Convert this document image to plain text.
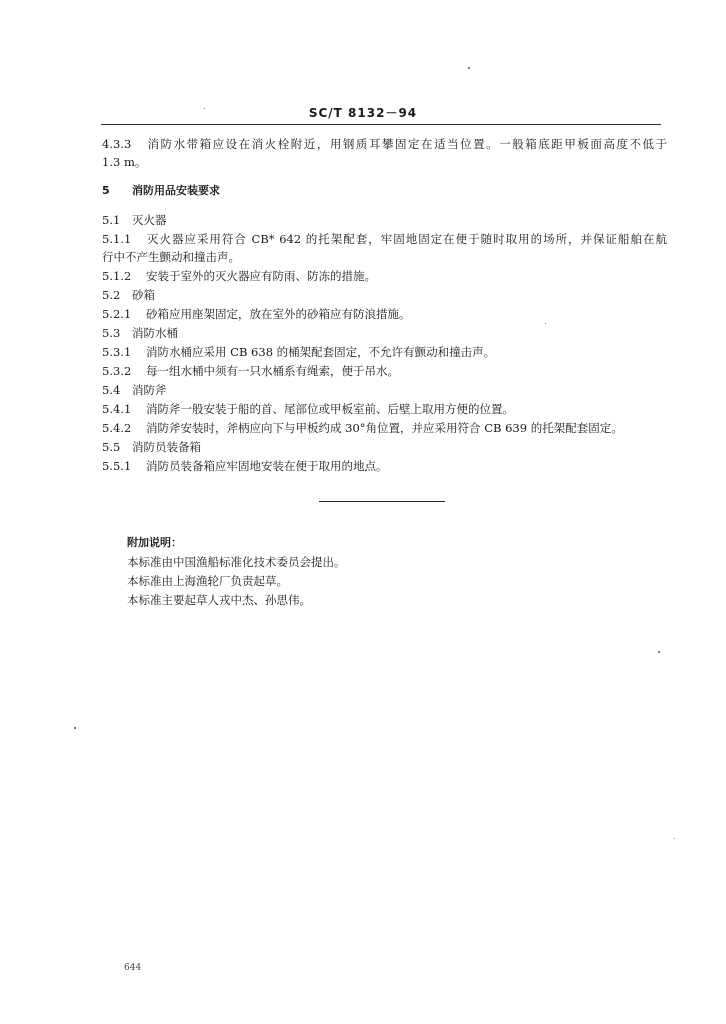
SC/T 8132－94
4.3.3 消防水带箱应设在消火栓附近，用钢质耳攀固定在适当位置。一般箱底距甲板面高度不低于
1.3 m。
5 消防用品安装要求
5.1 灭火器
5.1.1 灭火器应采用符合 CB* 642 的托架配套，牢固地固定在便于随时取用的场所，并保证船舶在航
行中不产生颤动和撞击声。
5.1.2 安装于室外的灭火器应有防雨、防冻的措施。
5.2 砂箱
5.2.1 砂箱应用座架固定，放在室外的砂箱应有防浪措施。
5.3 消防水桶
5.3.1 消防水桶应采用 CB 638 的桶架配套固定，不允许有颤动和撞击声。
5.3.2 每一组水桶中须有一只水桶系有绳索，便于吊水。
5.4 消防斧
5.4.1 消防斧一般安装于船的首、尾部位或甲板室前、后壁上取用方便的位置。
5.4.2 消防斧安装时，斧柄应向下与甲板约成 30°角位置，并应采用符合 CB 639 的托架配套固定。
5.5 消防员装备箱
5.5.1 消防员装备箱应牢固地安装在便于取用的地点。
附加说明：
本标准由中国渔船标准化技术委员会提出。
本标准由上海渔轮厂负责起草。
本标准主要起草人戎中杰、孙思伟。
644
